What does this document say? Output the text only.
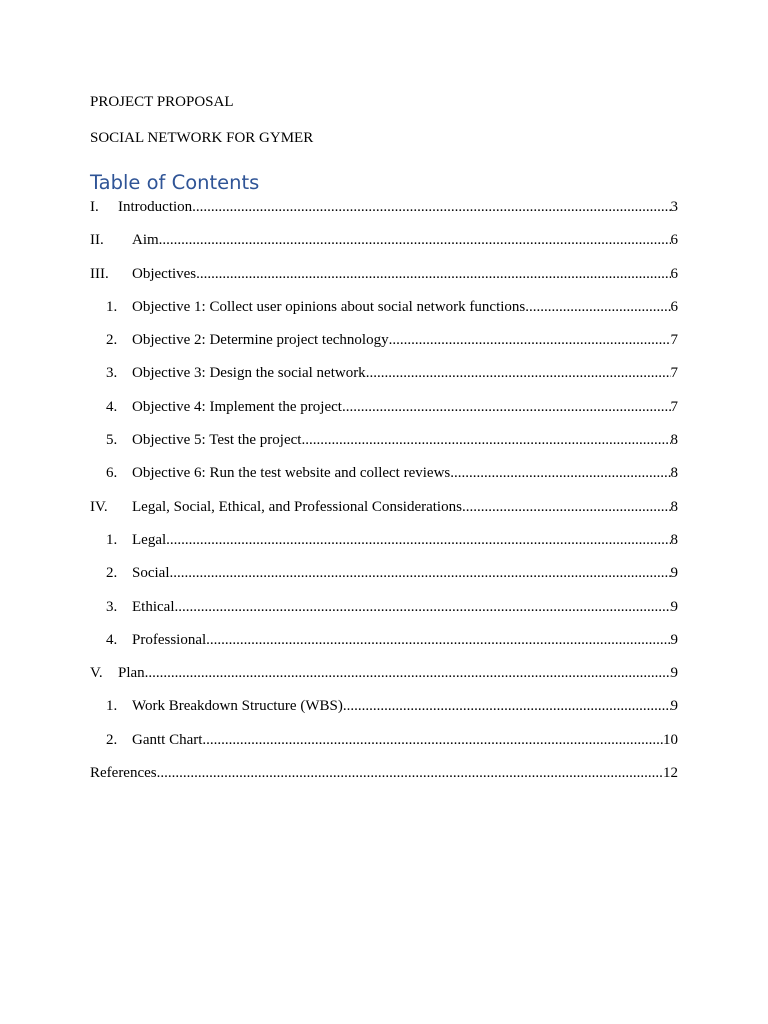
PROJECT PROPOSAL
SOCIAL NETWORK FOR GYMER
Table of Contents
I.	Introduction .....	3
II.	Aim .....	6
III.	Objectives .....	6
1. Objective 1: Collect user opinions about social network functions .....	6
2. Objective 2: Determine project technology .....	7
3. Objective 3: Design the social network .....	7
4. Objective 4: Implement the project .....	7
5. Objective 5: Test the project .....	8
6. Objective 6: Run the test website and collect reviews .....	8
IV.	Legal, Social, Ethical, and Professional Considerations .....	8
1. Legal .....	8
2. Social .....	9
3. Ethical .....	9
4. Professional .....	9
V.	Plan .....	9
1. Work Breakdown Structure (WBS) .....	9
2. Gantt Chart .....	10
References .....	12
